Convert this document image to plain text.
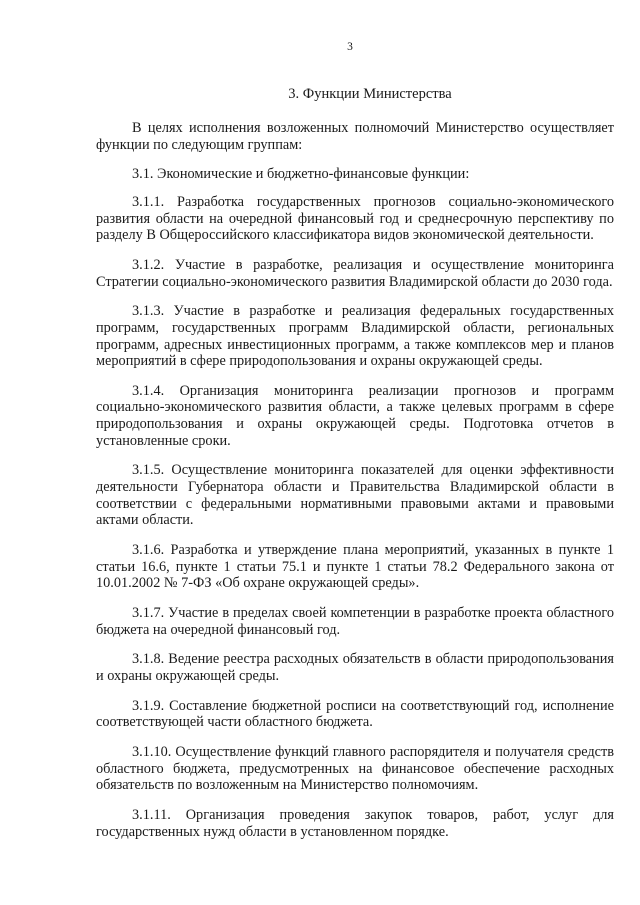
3
3. Функции Министерства

В целях исполнения возложенных полномочий Министерство осуществляет функции по следующим группам:

3.1. Экономические и бюджетно-финансовые функции:

3.1.1. Разработка государственных прогнозов социально-экономического развития области на очередной финансовый год и среднесрочную перспективу по разделу В Общероссийского классификатора видов экономической деятельности.

3.1.2. Участие в разработке, реализация и осуществление мониторинга Стратегии социально-экономического развития Владимирской области до 2030 года.

3.1.3. Участие в разработке и реализация федеральных государственных программ, государственных программ Владимирской области, региональных программ, адресных инвестиционных программ, а также комплексов мер и планов мероприятий в сфере природопользования и охраны окружающей среды.

3.1.4. Организация мониторинга реализации прогнозов и программ социально-экономического развития области, а также целевых программ в сфере природопользования и охраны окружающей среды. Подготовка отчетов в установленные сроки.

3.1.5. Осуществление мониторинга показателей для оценки эффективности деятельности Губернатора области и Правительства Владимирской области в соответствии с федеральными нормативными правовыми актами и правовыми актами области.

3.1.6. Разработка и утверждение плана мероприятий, указанных в пункте 1 статьи 16.6, пункте 1 статьи 75.1 и пункте 1 статьи 78.2 Федерального закона от 10.01.2002 № 7-ФЗ «Об охране окружающей среды».

3.1.7. Участие в пределах своей компетенции в разработке проекта областного бюджета на очередной финансовый год.

3.1.8. Ведение реестра расходных обязательств в области природопользования и охраны окружающей среды.

3.1.9. Составление бюджетной росписи на соответствующий год, исполнение соответствующей части областного бюджета.

3.1.10. Осуществление функций главного распорядителя и получателя средств областного бюджета, предусмотренных на финансовое обеспечение расходных обязательств по возложенным на Министерство полномочиям.

3.1.11. Организация проведения закупок товаров, работ, услуг для государственных нужд области в установленном порядке.
